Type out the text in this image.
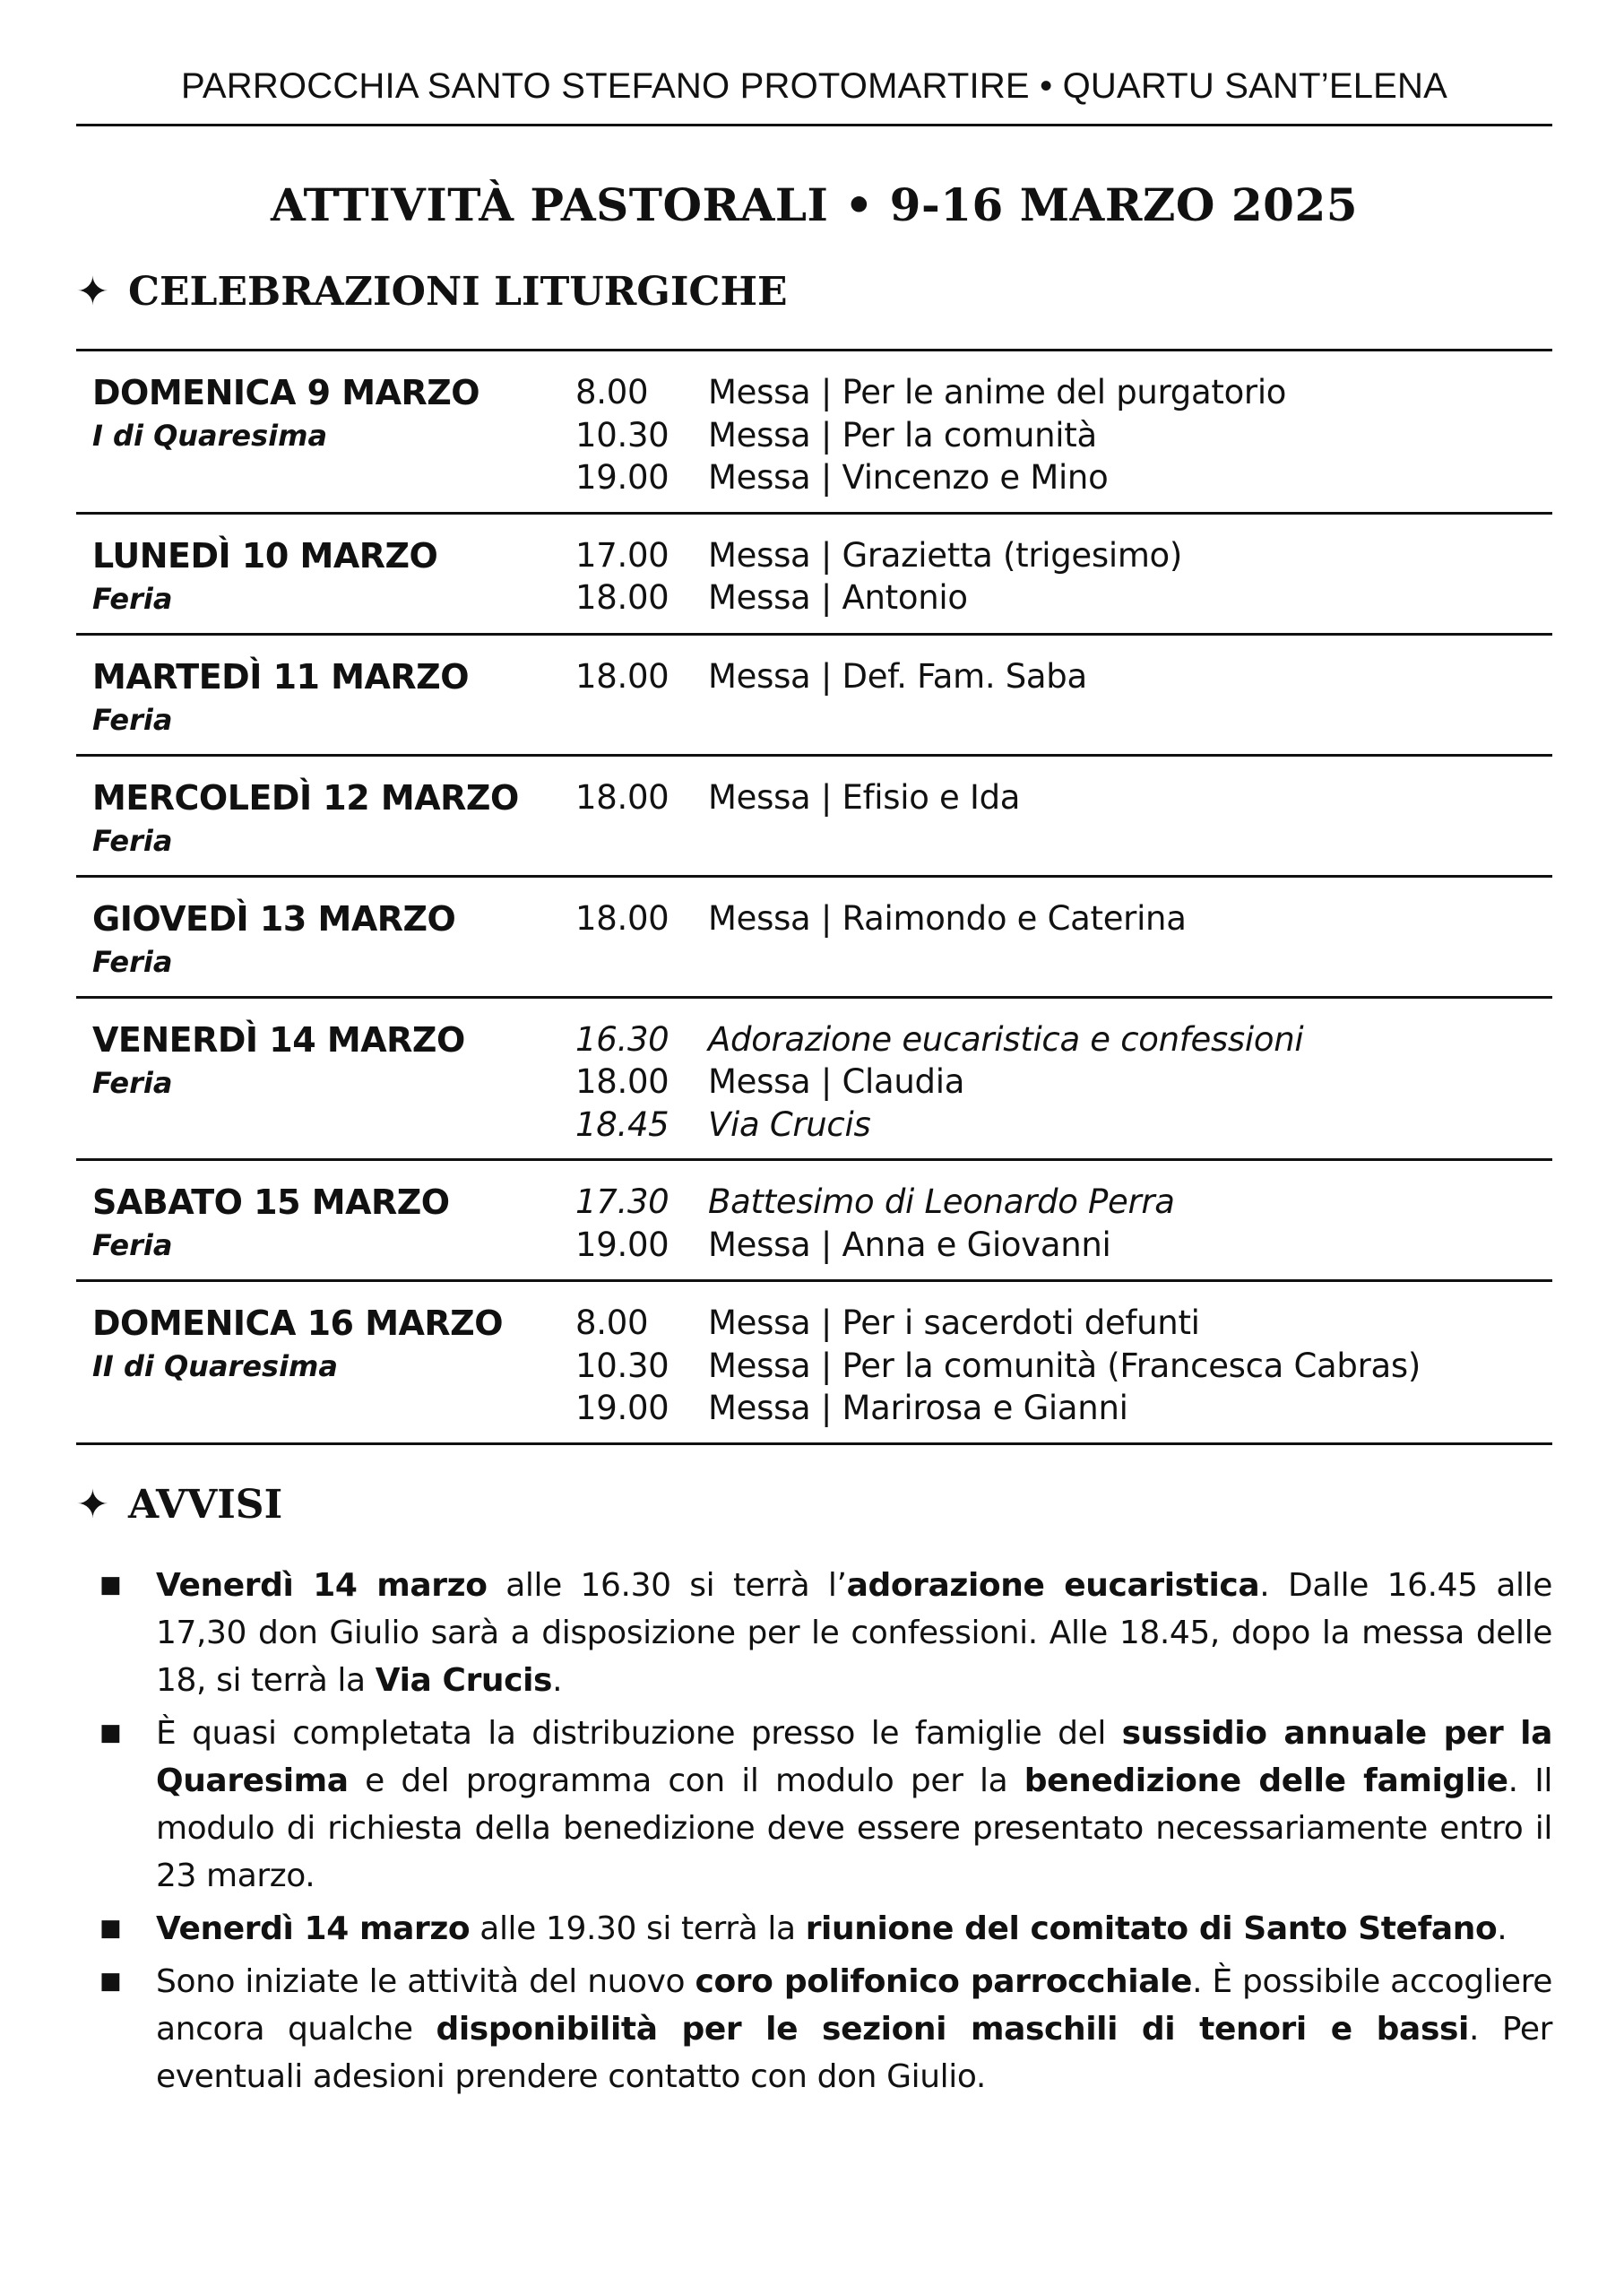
PARROCCHIA SANTO STEFANO PROTOMARTIRE • QUARTU SANT’ELENA
ATTIVITÀ PASTORALI • 9-16 MARZO 2025
✦ CELEBRAZIONI LITURGICHE
DOMENICA 9 MARZO
I di Quaresima
8.00	Messa | Per le anime del purgatorio
10.30	Messa | Per la comunità
19.00	Messa | Vincenzo e Mino
LUNEDÌ 10 MARZO
Feria
17.00	Messa | Grazietta (trigesimo)
18.00	Messa | Antonio
MARTEDÌ 11 MARZO
Feria
18.00	Messa | Def. Fam. Saba
MERCOLEDÌ 12 MARZO
Feria
18.00	Messa | Efisio e Ida
GIOVEDÌ 13 MARZO
Feria
18.00	Messa | Raimondo e Caterina
VENERDÌ 14 MARZO
Feria
16.30	Adorazione eucaristica e confessioni
18.00	Messa | Claudia
18.45	Via Crucis
SABATO 15 MARZO
Feria
17.30	Battesimo di Leonardo Perra
19.00	Messa | Anna e Giovanni
DOMENICA 16 MARZO
II di Quaresima
8.00	Messa | Per i sacerdoti defunti
10.30	Messa | Per la comunità (Francesca Cabras)
19.00	Messa | Marirosa e Gianni
✦ AVVISI
■	Venerdì 14 marzo alle 16.30 si terrà l’adorazione eucaristica. Dalle 16.45 alle 17,30 don Giulio sarà a disposizione per le confessioni. Alle 18.45, dopo la messa delle 18, si terrà la Via Crucis.
■	È quasi completata la distribuzione presso le famiglie del sussidio annuale per la Quaresima e del programma con il modulo per la benedizione delle famiglie. Il modulo di richiesta della benedizione deve essere presentato necessariamente entro il 23 marzo.
■	Venerdì 14 marzo alle 19.30 si terrà la riunione del comitato di Santo Stefano.
■	Sono iniziate le attività del nuovo coro polifonico parrocchiale. È possibile accogliere ancora qualche disponibilità per le sezioni maschili di tenori e bassi. Per eventuali adesioni prendere contatto con don Giulio.
